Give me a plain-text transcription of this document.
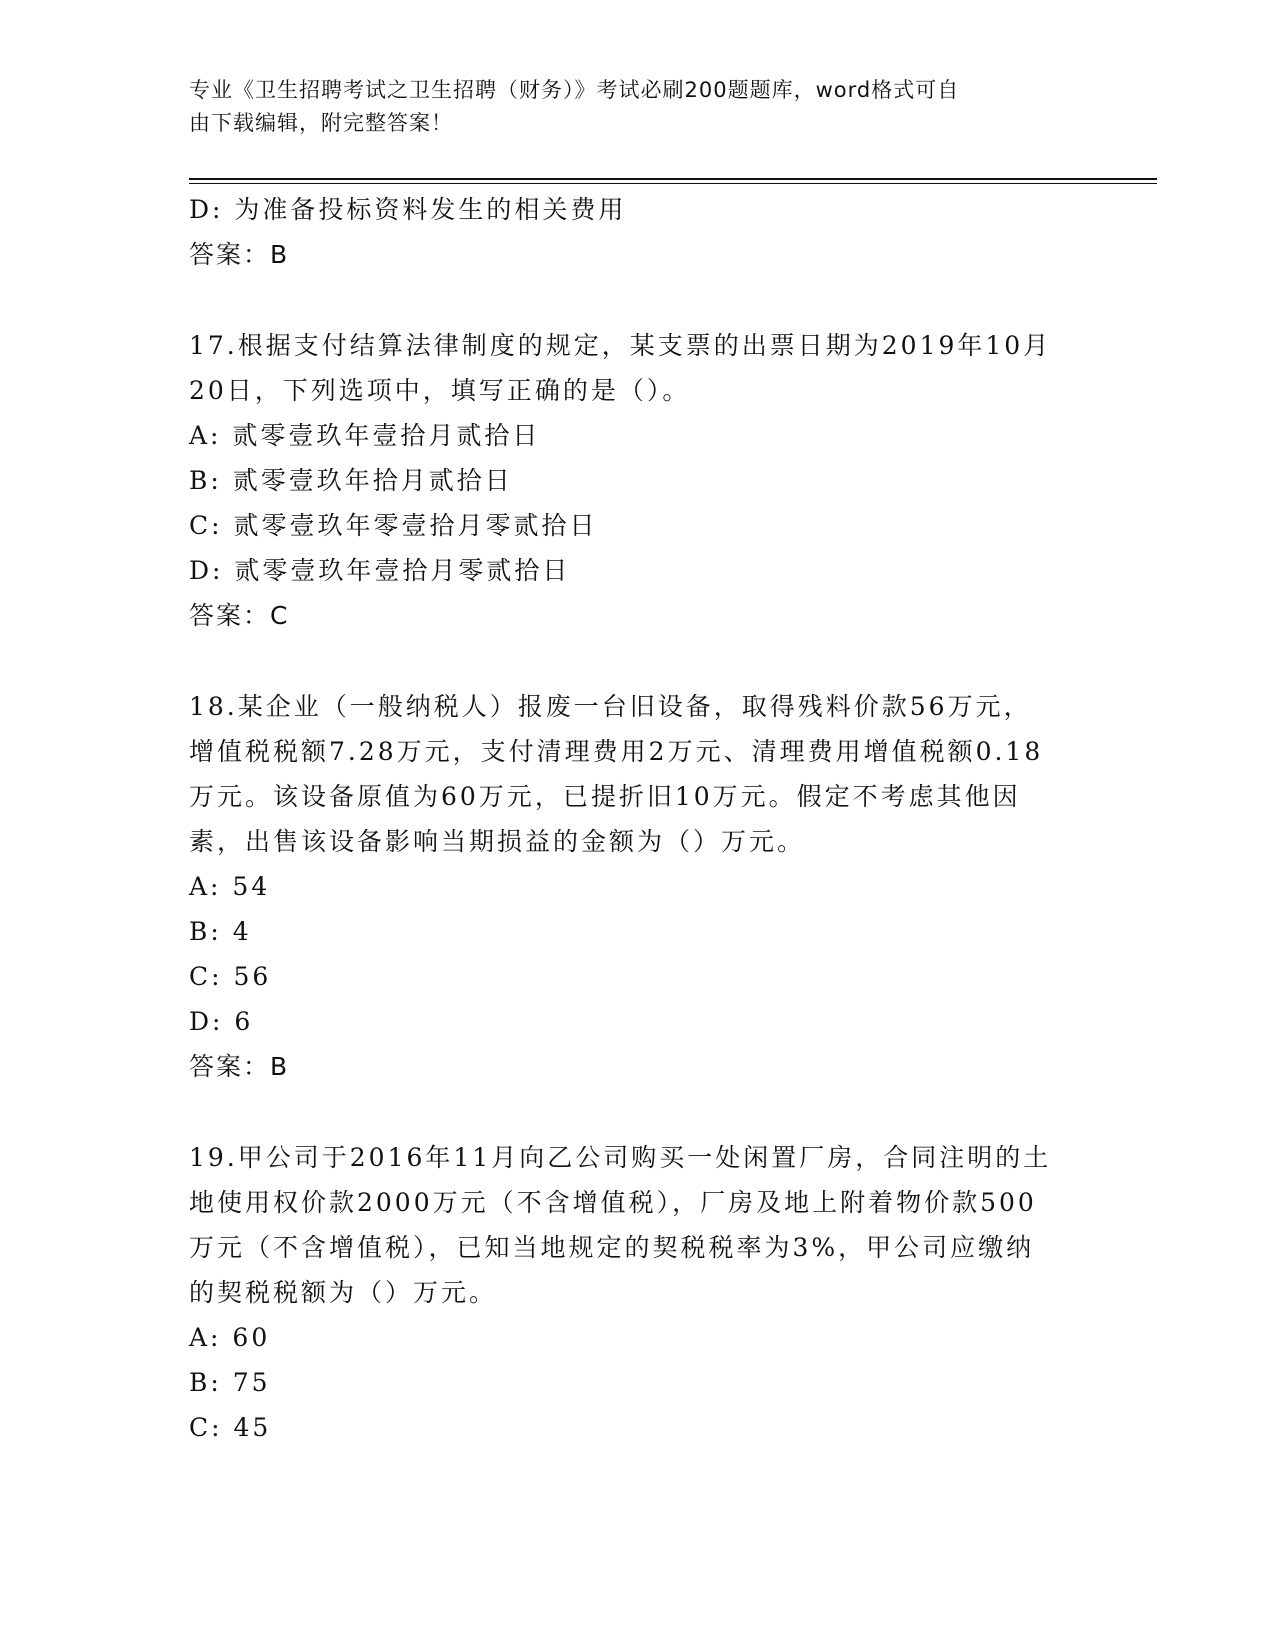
专业《卫生招聘考试之卫生招聘（财务）》考试必刷200题题库，word格式可自
由下载编辑，附完整答案！

D: 为准备投标资料发生的相关费用

答案：B

17.根据支付结算法律制度的规定，某支票的出票日期为2019年10月

20日，下列选项中，填写正确的是（）。

A: 贰零壹玖年壹拾月贰拾日

B: 贰零壹玖年拾月贰拾日

C: 贰零壹玖年零壹拾月零贰拾日

D: 贰零壹玖年壹拾月零贰拾日

答案：C

18.某企业（一般纳税人）报废一台旧设备，取得残料价款56万元，

增值税税额7.28万元，支付清理费用2万元、清理费用增值税额0.18

万元。该设备原值为60万元，已提折旧10万元。假定不考虑其他因

素，出售该设备影响当期损益的金额为（）万元。

A: 54

B: 4

C: 56

D: 6

答案：B

19.甲公司于2016年11月向乙公司购买一处闲置厂房，合同注明的土

地使用权价款2000万元（不含增值税），厂房及地上附着物价款500

万元（不含增值税），已知当地规定的契税税率为3%，甲公司应缴纳

的契税税额为（）万元。

A: 60

B: 75

C: 45
